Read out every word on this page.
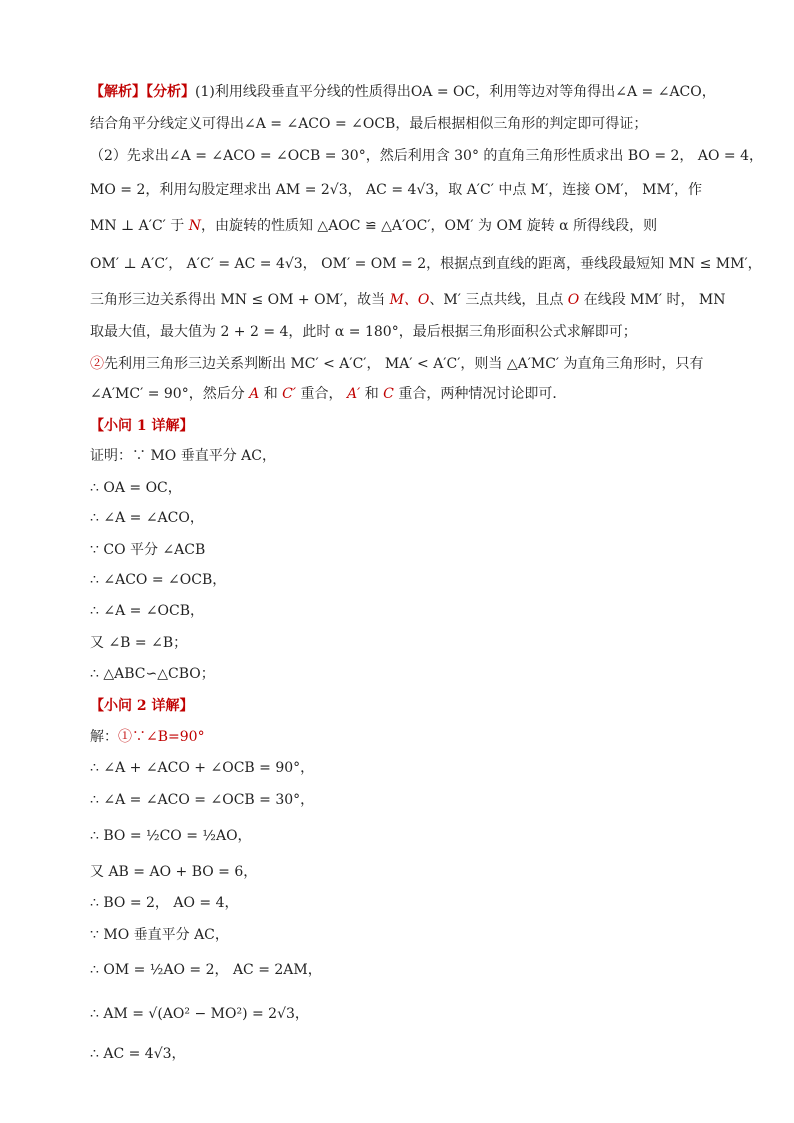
【解析】【分析】(1)利用线段垂直平分线的性质得出OA = OC，利用等边对等角得出∠A = ∠ACO，
结合角平分线定义可得出∠A = ∠ACO = ∠OCB，最后根据相似三角形的判定即可得证；
（2）先求出∠A = ∠ACO = ∠OCB = 30°，然后利用含 30° 的直角三角形性质求出 BO = 2， AO = 4，
MO = 2，利用勾股定理求出 AM = 2√3， AC = 4√3，取 A′C′ 中点 M′，连接 OM′， MM′，作
MN ⊥ A′C′ 于 N，由旋转的性质知 △AOC ≌ △A′OC′，OM′ 为 OM 旋转 α 所得线段，则
OM′ ⊥ A′C′， A′C′ = AC = 4√3， OM′ = OM = 2，根据点到直线的距离，垂线段最短知 MN ≤ MM′，
三角形三边关系得出 MN ≤ OM + OM′，故当 M、O、M′ 三点共线，且点 O 在线段 MM′ 时， MN
取最大值，最大值为 2 + 2 = 4，此时 α = 180°，最后根据三角形面积公式求解即可；
②先利用三角形三边关系判断出 MC′ < A′C′， MA′ < A′C′，则当 △A′MC′ 为直角三角形时，只有
∠A′MC′ = 90°，然后分 A 和 C′ 重合， A′ 和 C 重合，两种情况讨论即可．
【小问 1 详解】
证明：∵ MO 垂直平分 AC，
∴ OA = OC，
∴ ∠A = ∠ACO，
∵ CO 平分 ∠ACB
∴ ∠ACO = ∠OCB，
∴ ∠A = ∠OCB，
又 ∠B = ∠B；
∴ △ABC∽△CBO；
【小问 2 详解】
解：①∵∠B=90°
∴ ∠A + ∠ACO + ∠OCB = 90°，
∴ ∠A = ∠ACO = ∠OCB = 30°，
∴ BO = ½CO = ½AO，
又 AB = AO + BO = 6，
∴ BO = 2， AO = 4，
∵ MO 垂直平分 AC，
∴ OM = ½AO = 2， AC = 2AM，
∴ AM = √(AO² − MO²) = 2√3，
∴ AC = 4√3，
